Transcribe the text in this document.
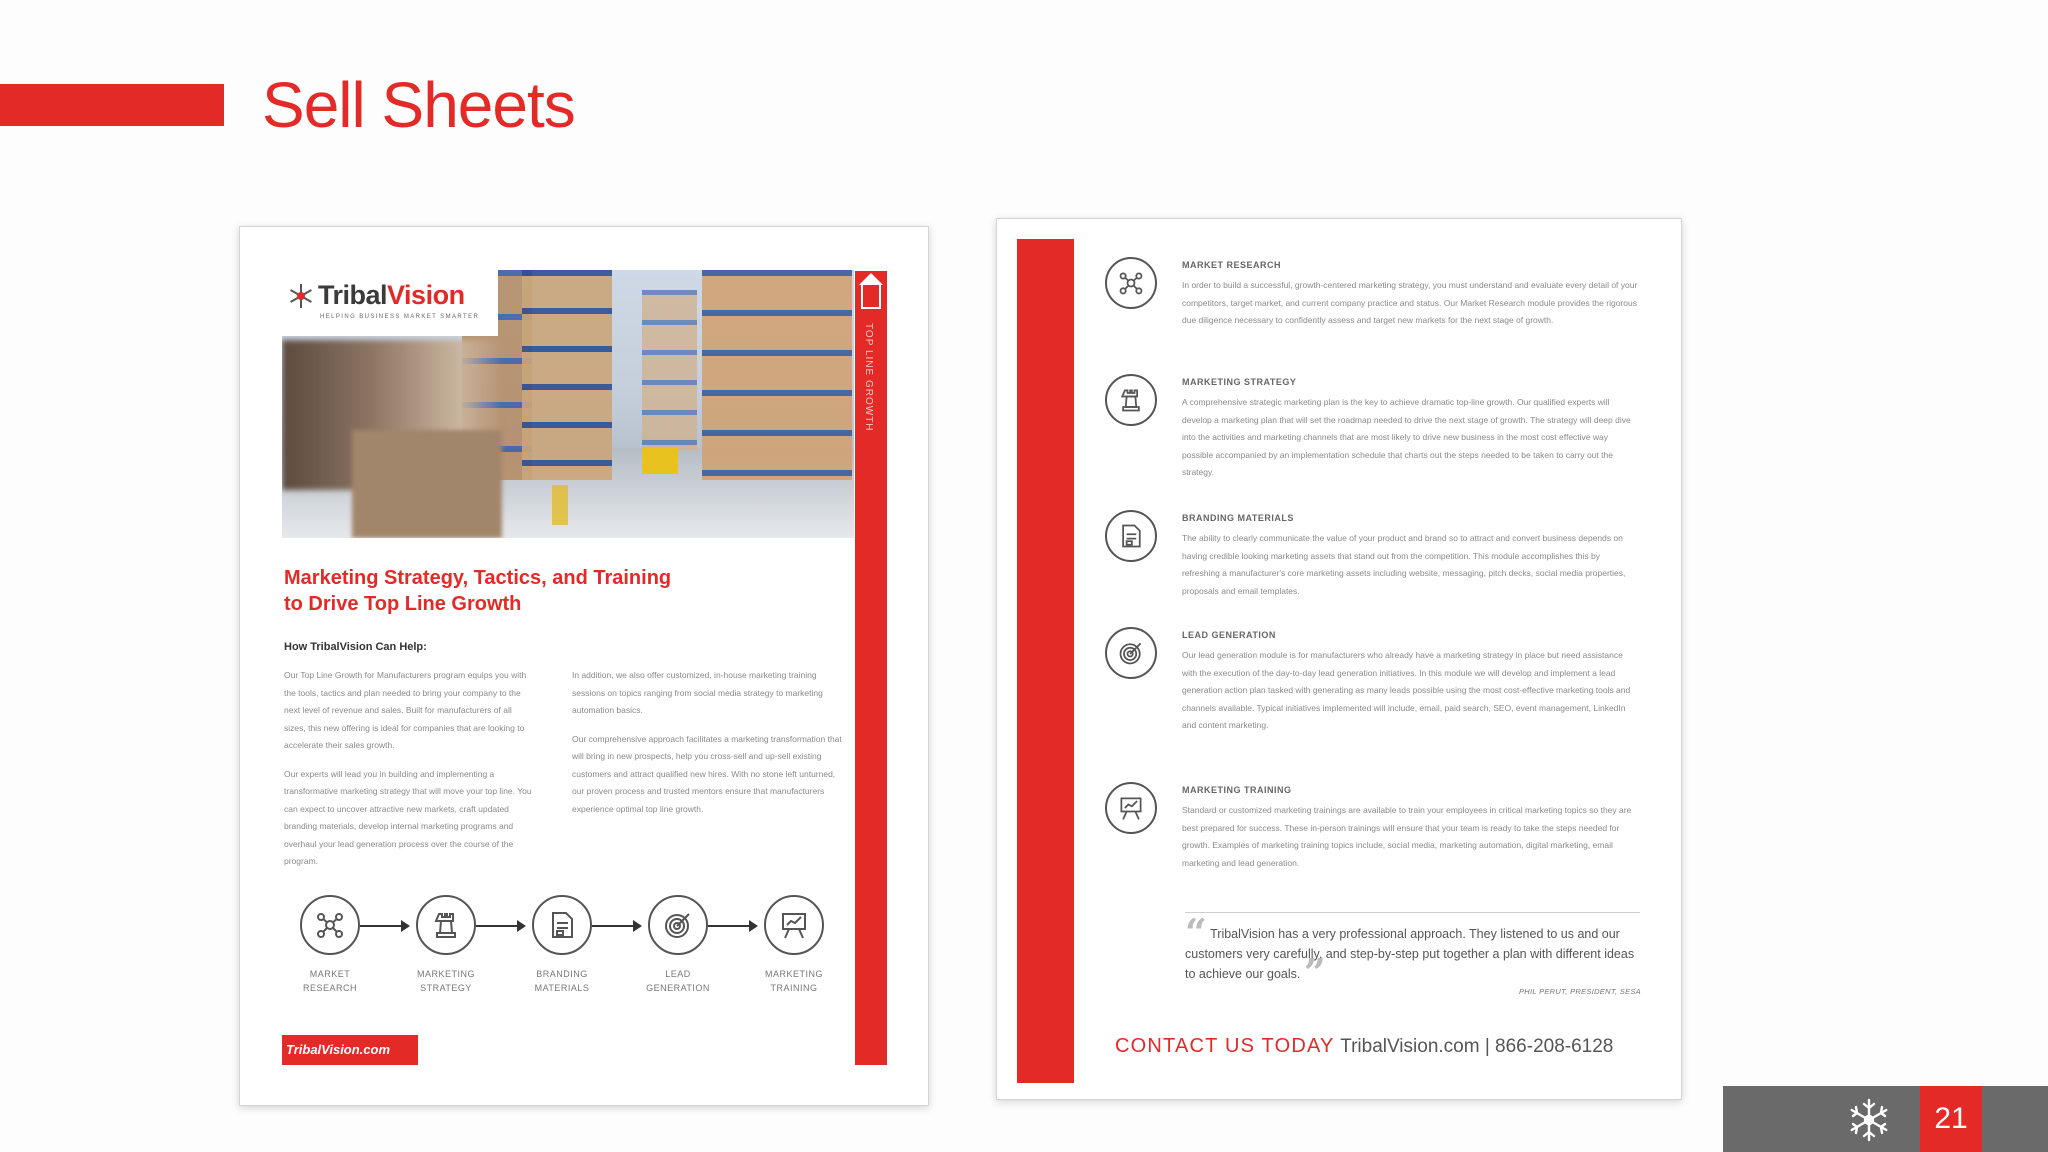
Sell Sheets
TribalVision
HELPING BUSINESS MARKET SMARTER
TOP LINE GROWTH
Marketing Strategy, Tactics, and Training
to Drive Top Line Growth
How TribalVision Can Help:

Our Top Line Growth for Manufacturers program equips you with the tools, tactics and plan needed to bring your company to the next level of revenue and sales. Built for manufacturers of all sizes, this new offering is ideal for companies that are looking to accelerate their sales growth.

Our experts will lead you in building and implementing a transformative marketing strategy that will move your top line. You can expect to uncover attractive new markets, craft updated branding materials, develop internal marketing programs and overhaul your lead generation process over the course of the program.

In addition, we also offer customized, in-house marketing training sessions on topics ranging from social media strategy to marketing automation basics.

Our comprehensive approach facilitates a marketing transformation that will bring in new prospects, help you cross-sell and up-sell existing customers and attract qualified new hires. With no stone left unturned, our proven process and trusted mentors ensure that manufacturers experience optimal top line growth.

MARKET
RESEARCH
MARKETING
STRATEGY
BRANDING
MATERIALS
LEAD
GENERATION
MARKETING
TRAINING
TribalVision.com
MARKET RESEARCH
In order to build a successful, growth-centered marketing strategy, you must understand and evaluate every detail of your competitors, target market, and current company practice and status. Our Market Research module provides the rigorous due diligence necessary to confidently assess and target new markets for the next stage of growth.
MARKETING STRATEGY
A comprehensive strategic marketing plan is the key to achieve dramatic top-line growth. Our qualified experts will develop a marketing plan that will set the roadmap needed to drive the next stage of growth. The strategy will deep dive into the activities and marketing channels that are most likely to drive new business in the most cost effective way possible accompanied by an implementation schedule that charts out the steps needed to be taken to carry out the strategy.
BRANDING MATERIALS
The ability to clearly communicate the value of your product and brand so to attract and convert business depends on having credible looking marketing assets that stand out from the competition. This module accomplishes this by refreshing a manufacturer's core marketing assets including website, messaging, pitch decks, social media properties, proposals and email templates.
LEAD GENERATION
Our lead generation module is for manufacturers who already have a marketing strategy in place but need assistance with the execution of the day-to-day lead generation initiatives. In this module we will develop and implement a lead generation action plan tasked with generating as many leads possible using the most cost-effective marketing tools and channels available. Typical initiatives implemented will include, email, paid search, SEO, event management, LinkedIn and content marketing.
MARKETING TRAINING
Standard or customized marketing trainings are available to train your employees in critical marketing topics so they are best prepared for success. These in-person trainings will ensure that your team is ready to take the steps needed for growth. Examples of marketing training topics include, social media, marketing automation, digital marketing, email marketing and lead generation.
“ TribalVision has a very professional approach. They listened to us and our customers very carefully, and step-by-step put together a plan with different ideas to achieve our goals. ”	PHIL PERUT, PRESIDENT, SESA
CONTACT US TODAY TribalVision.com | 866-208-6128
21
